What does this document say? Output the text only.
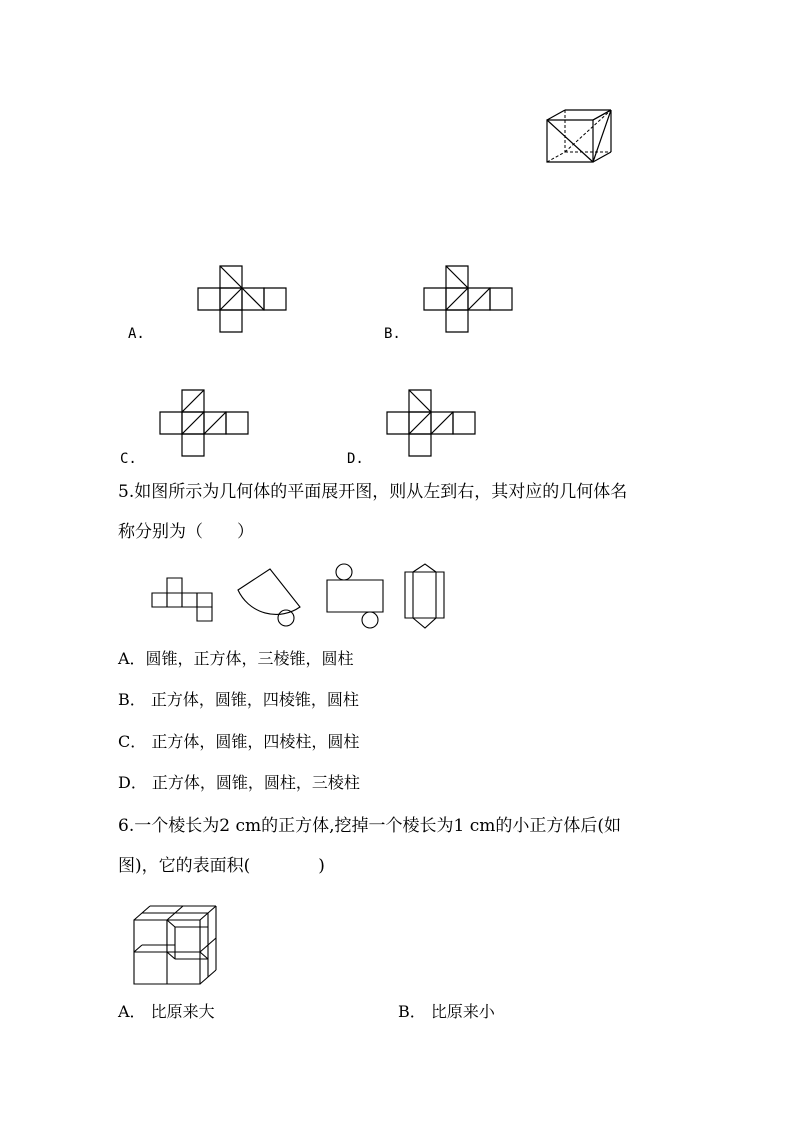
A.	B.
C.	D.
5.如图所示为几何体的平面展开图，则从左到右，其对应的几何体名
称分别为（　　）
A．圆锥，正方体，三棱锥，圆柱
B． 正方体，圆锥，四棱锥，圆柱
C． 正方体，圆锥，四棱柱，圆柱
D． 正方体，圆锥，圆柱，三棱柱
6.一个棱长为2 cm的正方体,挖掉一个棱长为1 cm的小正方体后(如
图)，它的表面积(　　　　)
A． 比原来大	B． 比原来小
